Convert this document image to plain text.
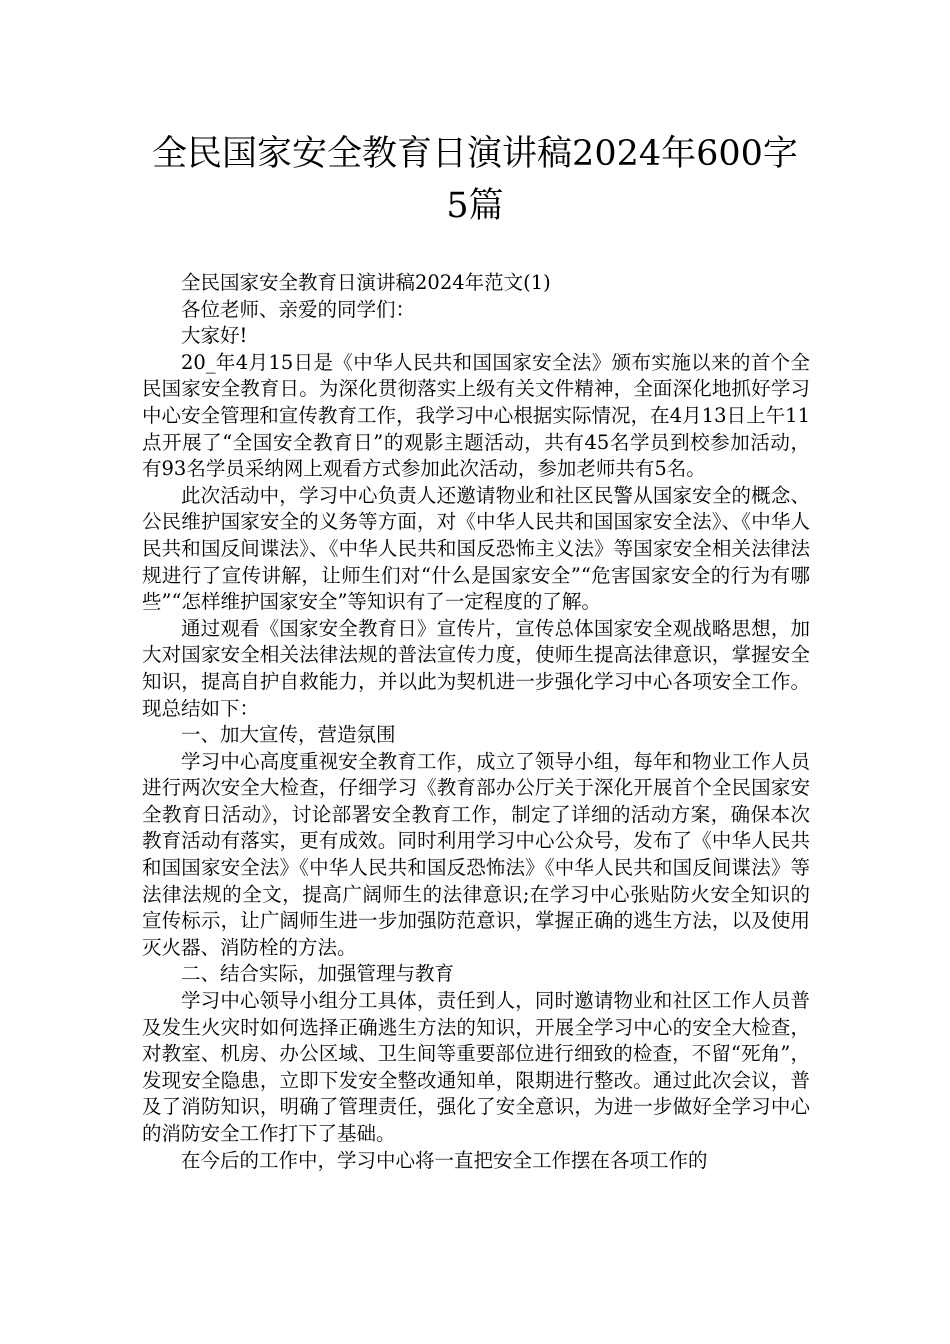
全民国家安全教育日演讲稿2024年600字
5篇

全民国家安全教育日演讲稿2024年范文(1)

各位老师、亲爱的同学们：

大家好!

20_年4月15日是《中华人民共和国国家安全法》颁布实施以来的首个全民国家安全教育日。为深化贯彻落实上级有关文件精神，全面深化地抓好学习中心安全管理和宣传教育工作，我学习中心根据实际情况，在4月13日上午11点开展了“全国安全教育日”的观影主题活动，共有45名学员到校参加活动，有93名学员采纳网上观看方式参加此次活动，参加老师共有5名。

此次活动中，学习中心负责人还邀请物业和社区民警从国家安全的概念、公民维护国家安全的义务等方面，对《中华人民共和国国家安全法》、《中华人民共和国反间谍法》、《中华人民共和国反恐怖主义法》等国家安全相关法律法规进行了宣传讲解，让师生们对“什么是国家安全”“危害国家安全的行为有哪些”“怎样维护国家安全”等知识有了一定程度的了解。

通过观看《国家安全教育日》宣传片，宣传总体国家安全观战略思想，加大对国家安全相关法律法规的普法宣传力度，使师生提高法律意识，掌握安全知识，提高自护自救能力，并以此为契机进一步强化学习中心各项安全工作。现总结如下：

一、加大宣传，营造氛围

学习中心高度重视安全教育工作，成立了领导小组，每年和物业工作人员进行两次安全大检查，仔细学习《教育部办公厅关于深化开展首个全民国家安全教育日活动》，讨论部署安全教育工作，制定了详细的活动方案，确保本次教育活动有落实，更有成效。同时利用学习中心公众号，发布了《中华人民共和国国家安全法》《中华人民共和国反恐怖法》《中华人民共和国反间谍法》等法律法规的全文，提高广阔师生的法律意识;在学习中心张贴防火安全知识的宣传标示，让广阔师生进一步加强防范意识，掌握正确的逃生方法，以及使用灭火器、消防栓的方法。

二、结合实际，加强管理与教育

学习中心领导小组分工具体，责任到人，同时邀请物业和社区工作人员普及发生火灾时如何选择正确逃生方法的知识，开展全学习中心的安全大检查，对教室、机房、办公区域、卫生间等重要部位进行细致的检查，不留“死角”，发现安全隐患，立即下发安全整改通知单，限期进行整改。通过此次会议，普及了消防知识，明确了管理责任，强化了安全意识，为进一步做好全学习中心的消防安全工作打下了基础。

在今后的工作中，学习中心将一直把安全工作摆在各项工作的
